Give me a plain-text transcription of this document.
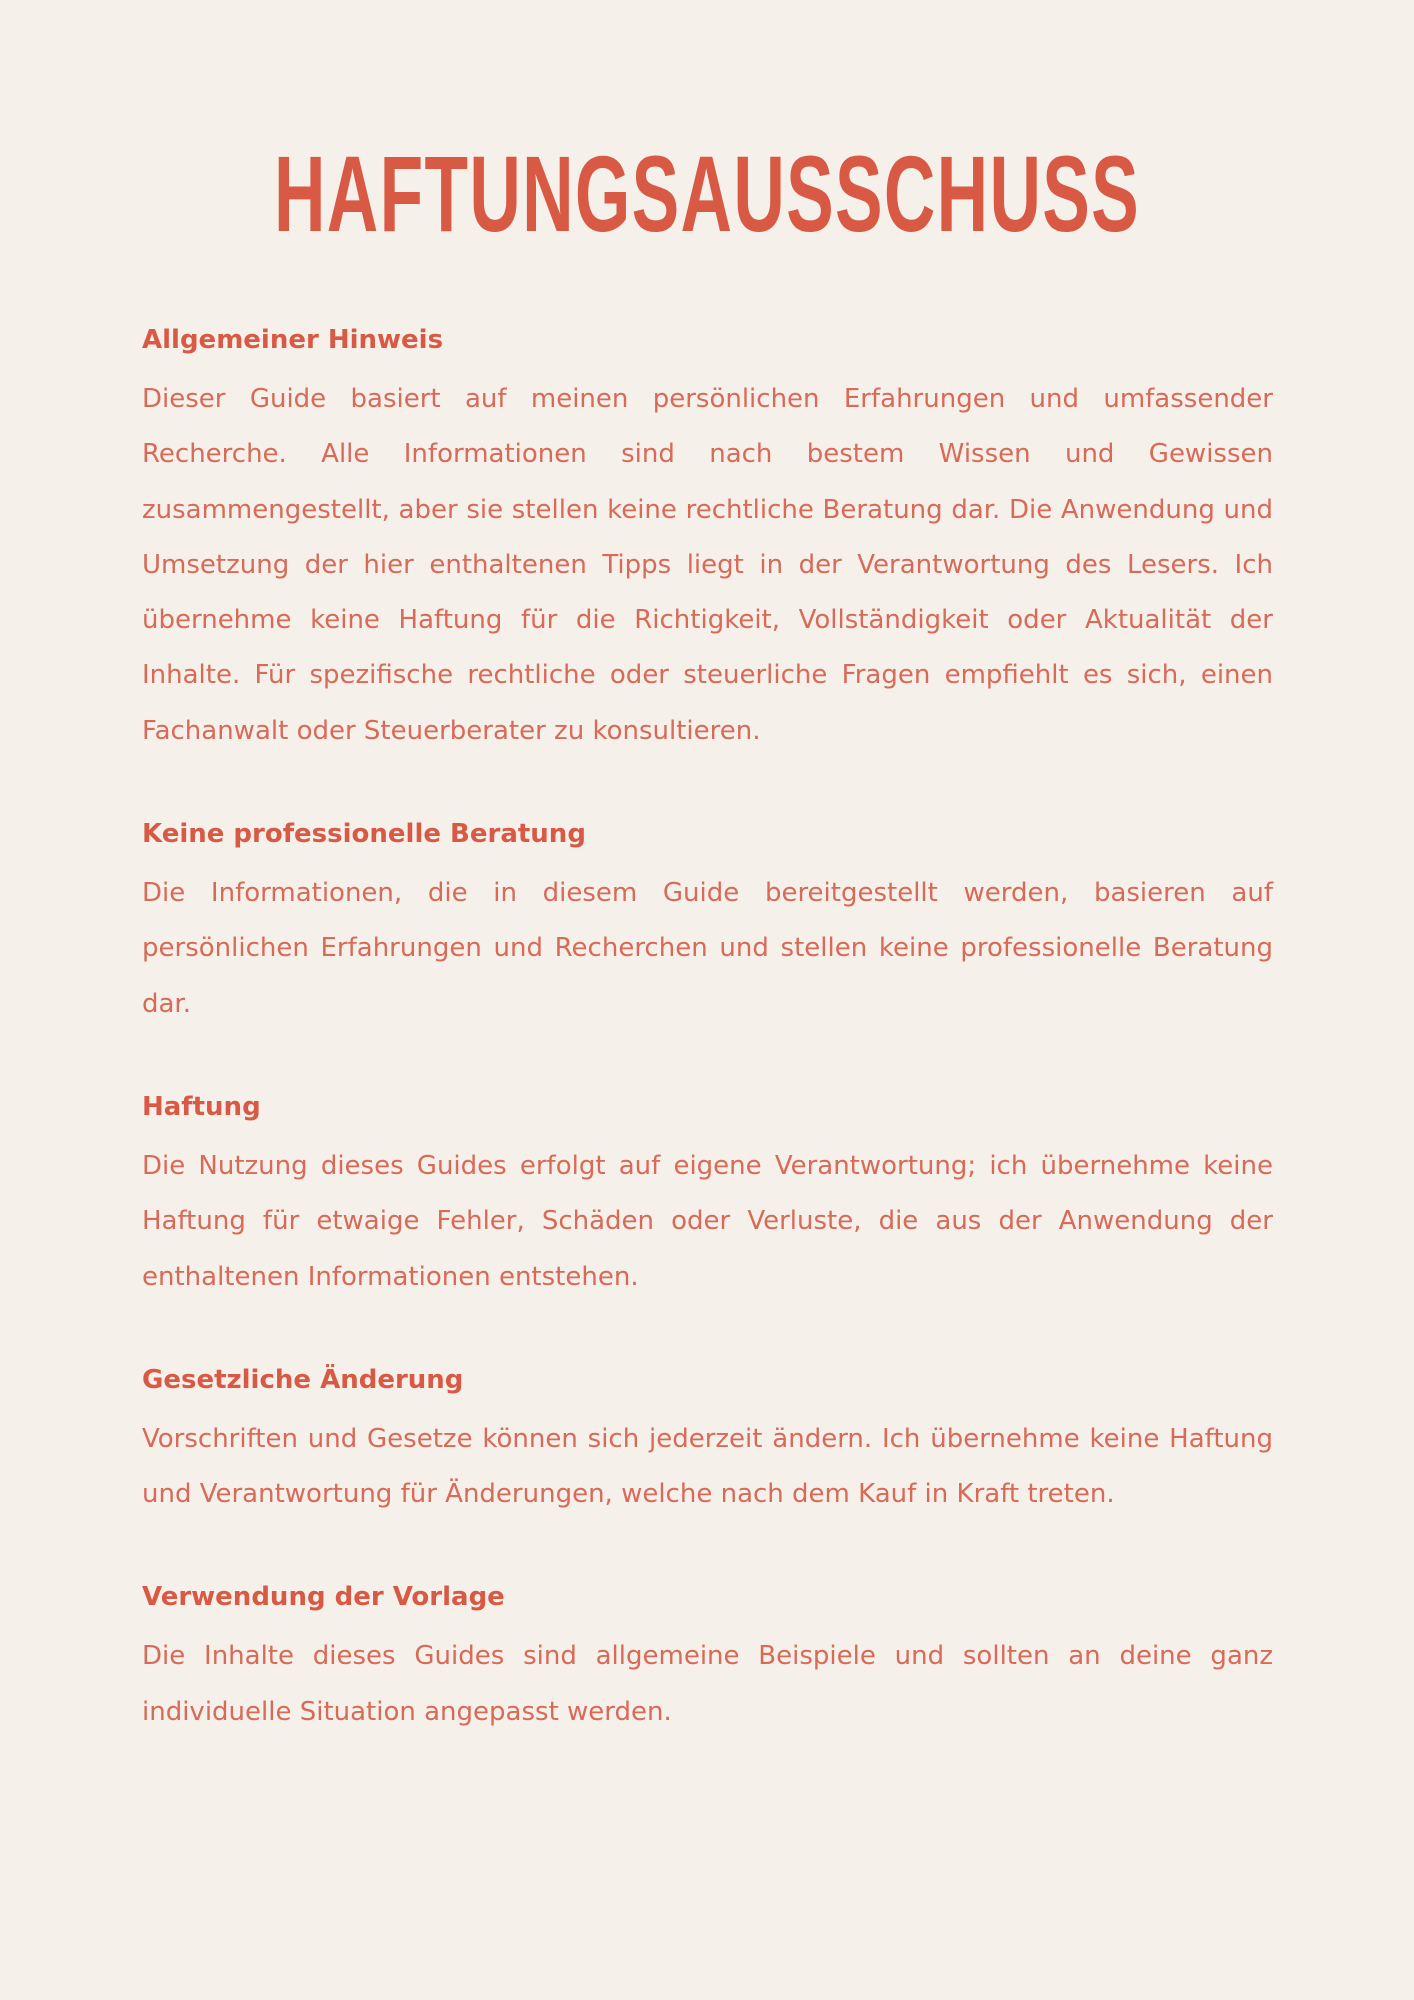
HAFTUNGSAUSSCHUSS
Allgemeiner Hinweis

Dieser Guide basiert auf meinen persönlichen Erfahrungen und umfassender Recherche. Alle Informationen sind nach bestem Wissen und Gewissen zusammengestellt, aber sie stellen keine rechtliche Beratung dar. Die Anwendung und Umsetzung der hier enthaltenen Tipps liegt in der Verantwortung des Lesers. Ich übernehme keine Haftung für die Richtigkeit, Vollständigkeit oder Aktualität der Inhalte. Für spezifische rechtliche oder steuerliche Fragen empfiehlt es sich, einen Fachanwalt oder Steuerberater zu konsultieren.

Keine professionelle Beratung

Die Informationen, die in diesem Guide bereitgestellt werden, basieren auf persönlichen Erfahrungen und Recherchen und stellen keine professionelle Beratung dar.

Haftung

Die Nutzung dieses Guides erfolgt auf eigene Verantwortung; ich übernehme keine Haftung für etwaige Fehler, Schäden oder Verluste, die aus der Anwendung der enthaltenen Informationen entstehen.

Gesetzliche Änderung

Vorschriften und Gesetze können sich jederzeit ändern. Ich übernehme keine Haftung und Verantwortung für Änderungen, welche nach dem Kauf in Kraft treten.

Verwendung der Vorlage

Die Inhalte dieses Guides sind allgemeine Beispiele und sollten an deine ganz individuelle Situation angepasst werden.
